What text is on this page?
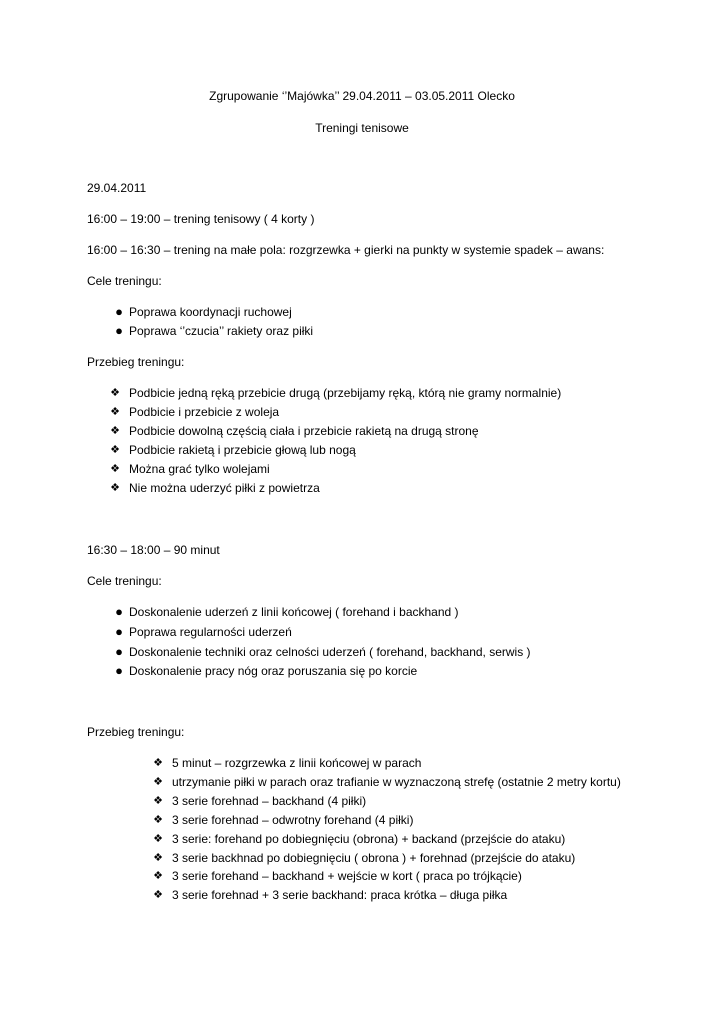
Zgrupowanie ‘’Majówka’’ 29.04.2011 – 03.05.2011 Olecko

Treningi tenisowe

29.04.2011

16:00 – 19:00 – trening tenisowy ( 4 korty )

16:00 – 16:30 – trening na małe pola: rozgrzewka + gierki na punkty w systemie spadek – awans:

Cele treningu:

● Poprawa koordynacji ruchowej
● Poprawa ‘’czucia’’ rakiety oraz piłki

Przebieg treningu:

❖ Podbicie jedną ręką przebicie drugą (przebijamy ręką, którą nie gramy normalnie)
❖ Podbicie i przebicie z woleja
❖ Podbicie dowolną częścią ciała i przebicie rakietą na drugą stronę
❖ Podbicie rakietą i przebicie głową lub nogą
❖ Można grać tylko wolejami
❖ Nie można uderzyć piłki z powietrza

16:30 – 18:00 – 90 minut

Cele treningu:

● Doskonalenie uderzeń z linii końcowej ( forehand i backhand )
● Poprawa regularności uderzeń
● Doskonalenie techniki oraz celności uderzeń ( forehand, backhand, serwis )
● Doskonalenie pracy nóg oraz poruszania się po korcie

Przebieg treningu:

❖ 5 minut – rozgrzewka z linii końcowej w parach
❖ utrzymanie piłki w parach oraz trafianie w wyznaczoną strefę (ostatnie 2 metry kortu)
❖ 3 serie forehnad – backhand (4 piłki)
❖ 3 serie forehnad – odwrotny forehand (4 piłki)
❖ 3 serie: forehand po dobiegnięciu (obrona) + backand (przejście do ataku)
❖ 3 serie backhnad po dobiegnięciu ( obrona ) + forehnad (przejście do ataku)
❖ 3 serie forehand – backhand + wejście w kort ( praca po trójkącie)
❖ 3 serie forehnad + 3 serie backhand: praca krótka – długa piłka
